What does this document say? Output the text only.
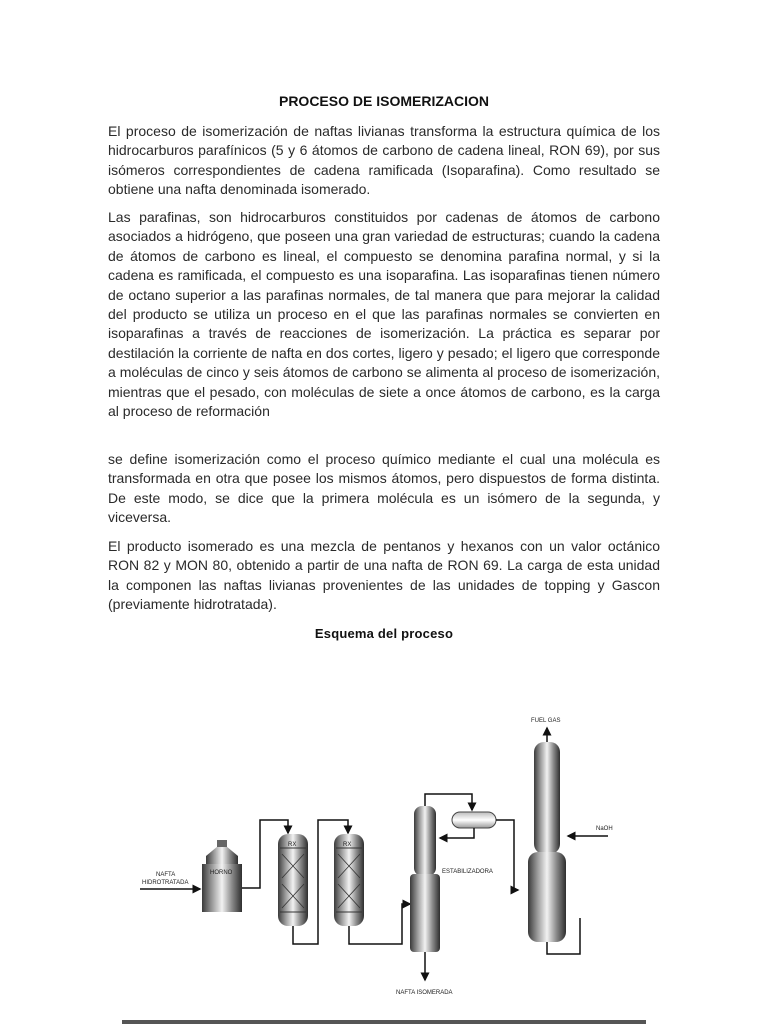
PROCESO DE ISOMERIZACION

El proceso de isomerización de naftas livianas transforma la estructura química de los hidrocarburos parafínicos (5 y 6 átomos de carbono de cadena lineal, RON 69), por sus isómeros correspondientes de cadena ramificada (Isoparafina). Como resultado se obtiene una nafta denominada isomerado.

Las parafinas, son hidrocarburos constituidos por cadenas de átomos de carbono asociados a hidrógeno, que poseen una gran variedad de estructuras; cuando la cadena de átomos de carbono es lineal, el compuesto se denomina parafina normal, y si la cadena es ramificada, el compuesto es una isoparafina. Las isoparafinas tienen número de octano superior a las parafinas normales, de tal manera que para mejorar la calidad del producto se utiliza un proceso en el que las parafinas normales se convierten en isoparafinas a través de reacciones de isomerización. La práctica es separar por destilación la corriente de nafta en dos cortes, ligero y pesado; el ligero que corresponde a moléculas de cinco y seis átomos de carbono se alimenta al proceso de isomerización, mientras que el pesado, con moléculas de siete a once átomos de carbono, es la carga al proceso de reformación

se define isomerización como el proceso químico mediante el cual una molécula es transformada en otra que posee los mismos átomos, pero dispuestos de forma distinta. De este modo, se dice que la primera molécula es un isómero de la segunda, y viceversa.

El producto isomerado es una mezcla de pentanos y hexanos con un valor octánico RON 82 y MON 80, obtenido a partir de una nafta de RON 69. La carga de esta unidad la componen las naftas livianas provenientes de las unidades de topping y Gascon (previamente hidrotratada).

Esquema del proceso
NAFTA
HIDROTRATADA
HORNO
RX	RX
ESTABILIZADORA
FUEL GAS
NaOH
NAFTA ISOMERADA
